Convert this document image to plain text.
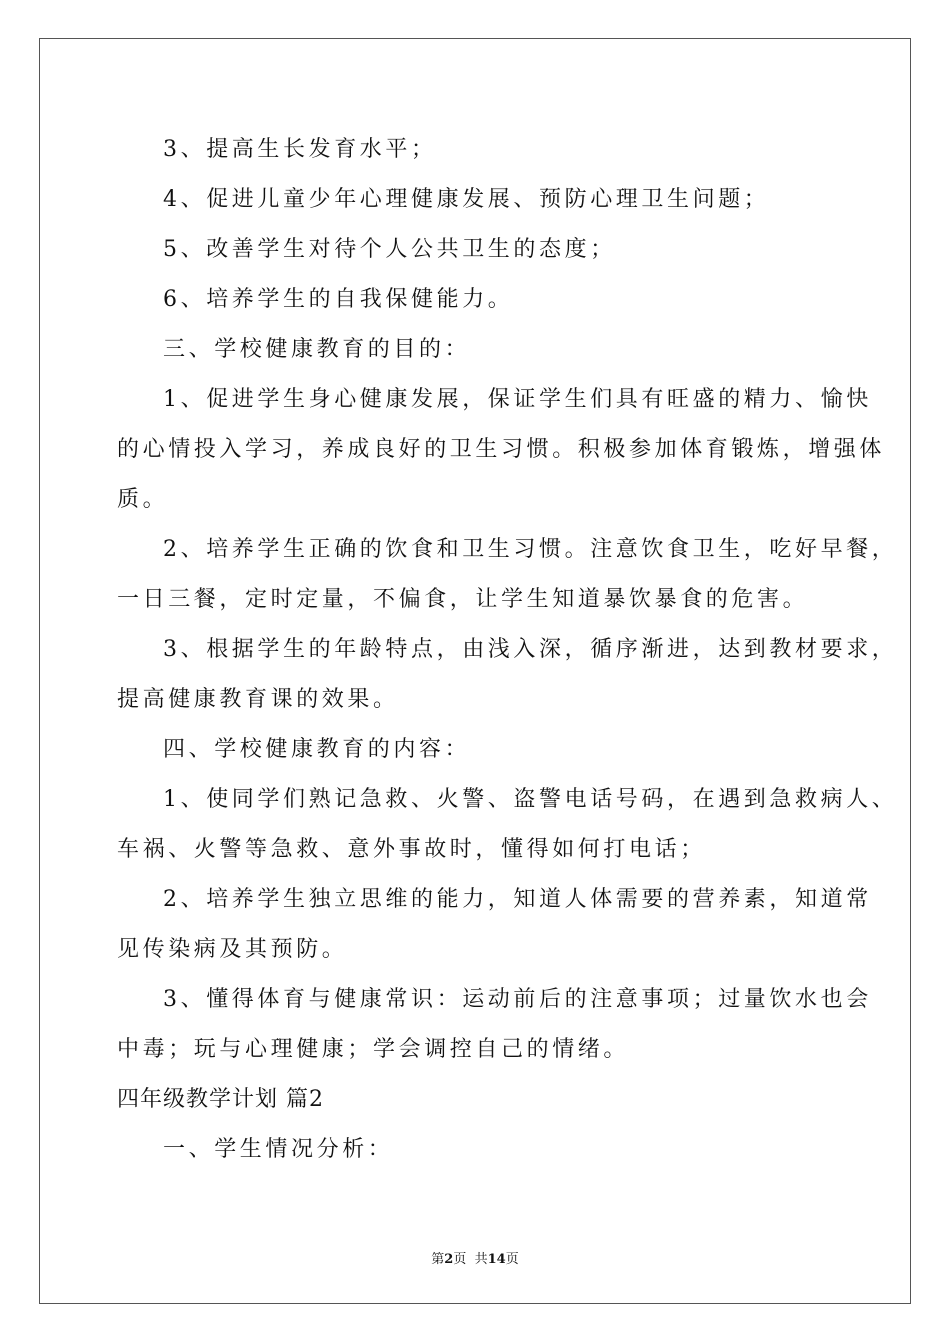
3、提高生长发育水平；
4、促进儿童少年心理健康发展、预防心理卫生问题；
5、改善学生对待个人公共卫生的态度；
6、培养学生的自我保健能力。
三、学校健康教育的目的：
1、促进学生身心健康发展，保证学生们具有旺盛的精力、愉快
的心情投入学习，养成良好的卫生习惯。积极参加体育锻炼，增强体
质。
2、培养学生正确的饮食和卫生习惯。注意饮食卫生，吃好早餐，
一日三餐，定时定量，不偏食，让学生知道暴饮暴食的危害。
3、根据学生的年龄特点，由浅入深，循序渐进，达到教材要求，
提高健康教育课的效果。
四、学校健康教育的内容：
1、使同学们熟记急救、火警、盗警电话号码，在遇到急救病人、
车祸、火警等急救、意外事故时，懂得如何打电话；
2、培养学生独立思维的能力，知道人体需要的营养素，知道常
见传染病及其预防。
3、懂得体育与健康常识：运动前后的注意事项；过量饮水也会
中毒；玩与心理健康；学会调控自己的情绪。
四年级教学计划 篇2
一、学生情况分析：
第2页  共14页
